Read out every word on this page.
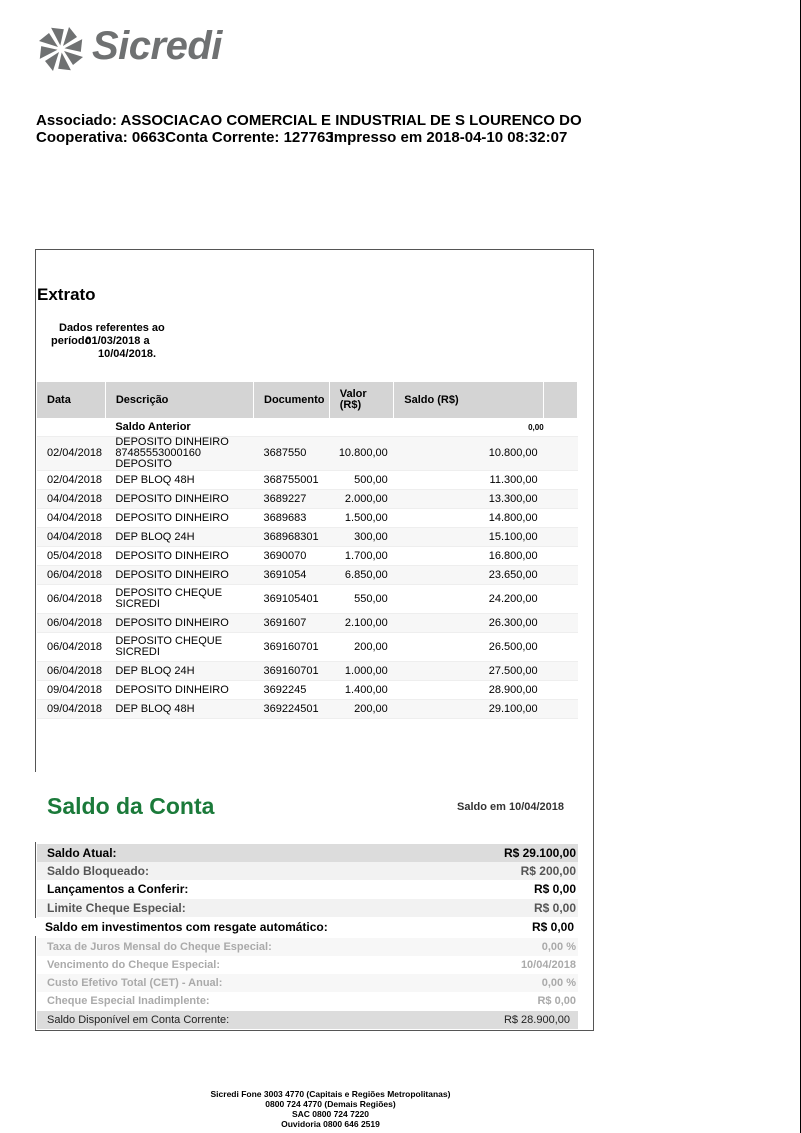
Sicredi
Associado: ASSOCIACAO COMERCIAL E INDUSTRIAL DE S LOURENCO DO
Cooperativa: 0663Conta Corrente: 127763Impresso em 2018-04-10 08:32:07
Extrato
Dados referentes ao
período01/03/2018 a
10/04/2018.
Data	Descrição	Documento	Valor (R$)	Saldo (R$)	
	Saldo Anterior			0,00	
02/04/2018	DEPOSITO DINHEIRO 87485553000160 DEPOSITO	3687550	10.800,00	10.800,00	
02/04/2018	DEP BLOQ 48H	368755001	500,00	11.300,00	
04/04/2018	DEPOSITO DINHEIRO	3689227	2.000,00	13.300,00	
04/04/2018	DEPOSITO DINHEIRO	3689683	1.500,00	14.800,00	
04/04/2018	DEP BLOQ 24H	368968301	300,00	15.100,00	
05/04/2018	DEPOSITO DINHEIRO	3690070	1.700,00	16.800,00	
06/04/2018	DEPOSITO DINHEIRO	3691054	6.850,00	23.650,00	
06/04/2018	DEPOSITO CHEQUE SICREDI	369105401	550,00	24.200,00	
06/04/2018	DEPOSITO DINHEIRO	3691607	2.100,00	26.300,00	
06/04/2018	DEPOSITO CHEQUE SICREDI	369160701	200,00	26.500,00	
06/04/2018	DEP BLOQ 24H	369160701	1.000,00	27.500,00	
09/04/2018	DEPOSITO DINHEIRO	3692245	1.400,00	28.900,00	
09/04/2018	DEP BLOQ 48H	369224501	200,00	29.100,00	
Saldo da Conta	Saldo em 10/04/2018
Saldo Atual:	R$ 29.100,00
Saldo Bloqueado:	R$ 200,00
Lançamentos a Conferir:	R$ 0,00
Limite Cheque Especial:	R$ 0,00
Saldo em investimentos com resgate automático:	R$ 0,00
Taxa de Juros Mensal do Cheque Especial:	0,00 %
Vencimento do Cheque Especial:	10/04/2018
Custo Efetivo Total (CET) - Anual:	0,00 %
Cheque Especial Inadimplente:	R$ 0,00
Saldo Disponível em Conta Corrente:	R$ 28.900,00
Sicredi Fone 3003 4770 (Capitais e Regiões Metropolitanas)
0800 724 4770 (Demais Regiões)
SAC 0800 724 7220
Ouvidoria 0800 646 2519
